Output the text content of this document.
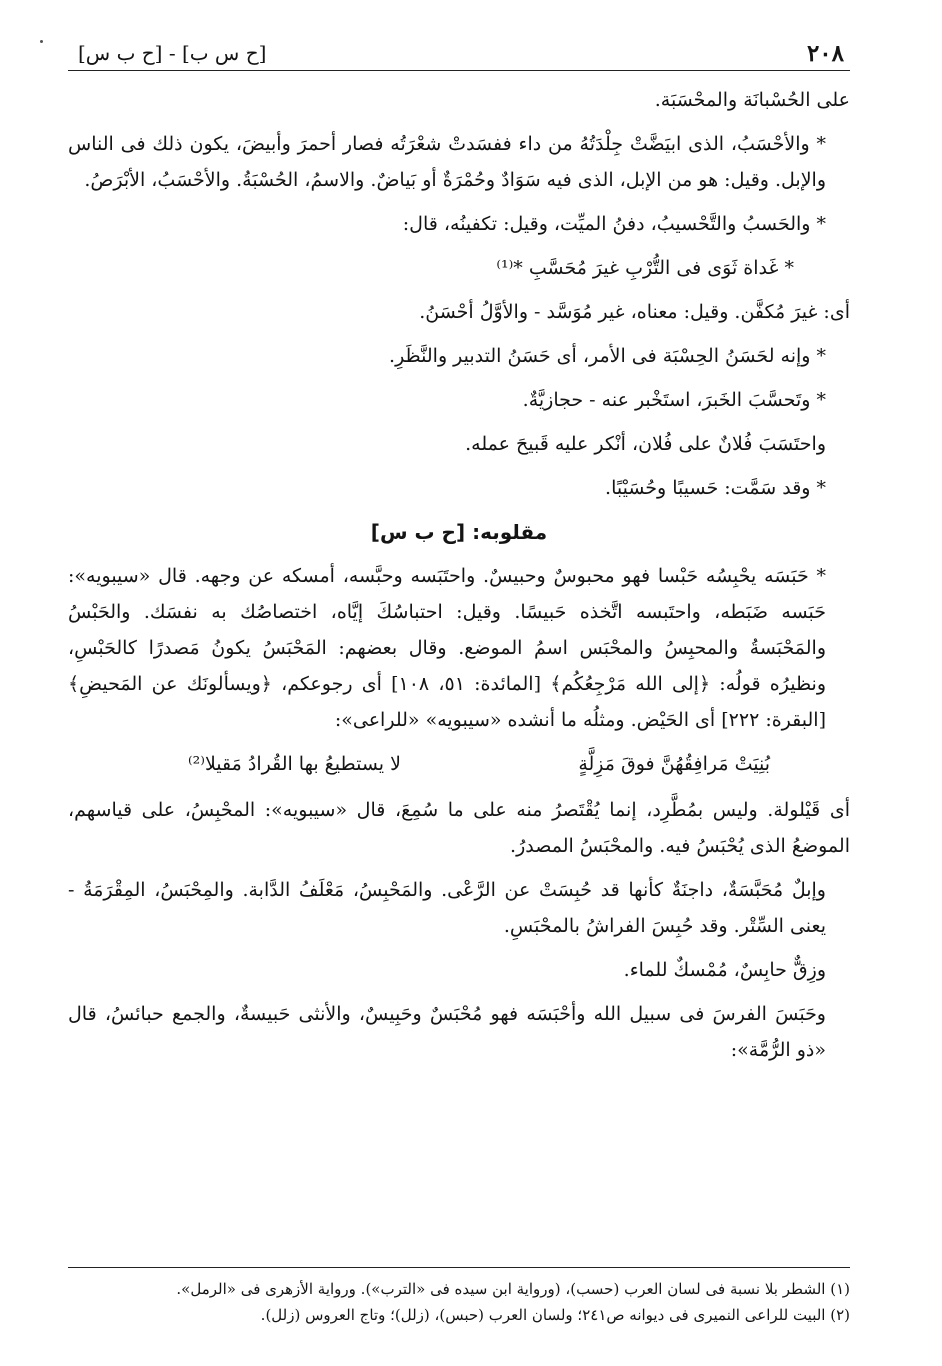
٢٠٨
[ح س ب] - [ح ب س]

على الحُسْبانَة والمحْسَبَة.

* والأحْسَبُ، الذى ابيَضَّتْ جِلْدَتُهُ من داء ففسَدتْ شعْرَتُه فصار أحمرَ وأبيضَ، يكون ذلك فى الناس والإبل. وقيل: هو من الإبل، الذى فيه سَوَادٌ وحُمْرَةٌ أو بَياضٌ. والاسمُ، الحُسْبَةُ. والأحْسَبُ، الأبْرَصُ.

* والحَسبُ والتَّحْسيبُ، دفنُ الميِّت، وقيل: تكفينُه، قال:

* غَداة ثَوَى فى التُّرْبِ غيرَ مُحَسَّبِ *⁽¹⁾

أى: غيرَ مُكفَّن. وقيل: معناه، غير مُوَسَّد - والأوَّلُ أحْسَنُ.

* وإنه لحَسَنُ الحِسْبَة فى الأمر، أى حَسَنُ التدبير والنَّظَرِ.

* وتَحسَّبَ الخَبرَ، استَخْبر عنه - حجازيَّةٌ.

واحتَسَبَ فُلانٌ على فُلان، أنْكر عليه قَبيحَ عمله.

* وقد سَمَّت: حَسيبًا وحُسَيْبًا.

مقلوبه: [ح ب س]

* حَبَسَه يحْبِسُه حَبْسا فهو محبوسٌ وحبيسٌ. واحتَبَسه وحبَّسه، أمسكه عن وجهه. قال «سيبويه»: حَبَسه ضَبَطه، واحتَبسه اتَّخذه حَبيسًا. وقيل: احتباسُكَ إيَّاه، اختصاصُك به نفسَك. والحَبْسُ والمَحْبَسةُ والمحبِسُ والمحْبَس اسمُ الموضع. وقال بعضهم: المَحْبَسُ يكونُ مَصدرًا كالحَبْسِ، ونظيرُه قولُه: ﴿إلى الله مَرْجِعُكُم﴾ [المائدة: ٥١، ١٠٨] أى رجوعكم، ﴿ويسألونَك عن المَحيضِ﴾ [البقرة: ٢٢٢] أى الحَيْض. ومثلُه ما أنشده «سيبويه» «للراعى»:

بُنِيَتْ مَرافِقُهُنَّ فوقَ مَزِلَّةٍ
لا يستطيعُ بها القُرادُ مَقيلا⁽²⁾

أى قَيْلولة. وليس بمُطَّرِد، إنما يُقْتَصرُ منه على ما سُمِعَ، قال «سيبويه»: المحْبِسُ، على قياسهم، الموضعُ الذى يُحْبَسُ فيه. والمحْبَسُ المصدرُ.

وإبلٌ مُحَبَّسَةٌ، داجنَةٌ كأنها قد حُبِسَتْ عن الرَّعْى. والمَحْبِسُ، مَعْلَفُ الدَّابة. والمِحْبَسُ، المِقْرَمَةُ - يعنى السِّتْر. وقد حُبِسَ الفراشُ بالمحْبَسِ.

وزِقٌّ حابِسٌ، مُمْسكٌ للماء.

وحَبَسَ الفرسَ فى سبيل الله وأحْبَسَه فهو مُحْبَسٌ وحَبِيسٌ، والأنثى حَبيسةٌ، والجمع حبائسُ، قال «ذو الرُّمَّة»:

(١) الشطر بلا نسبة فى لسان العرب (حسب)، (ورواية ابن سيده فى «الترب»). ورواية الأزهرى فى «الرمل».

(٢) البيت للراعى النميرى فى ديوانه ص٢٤١؛ ولسان العرب (حبس)، (زلل)؛ وتاج العروس (زلل).
